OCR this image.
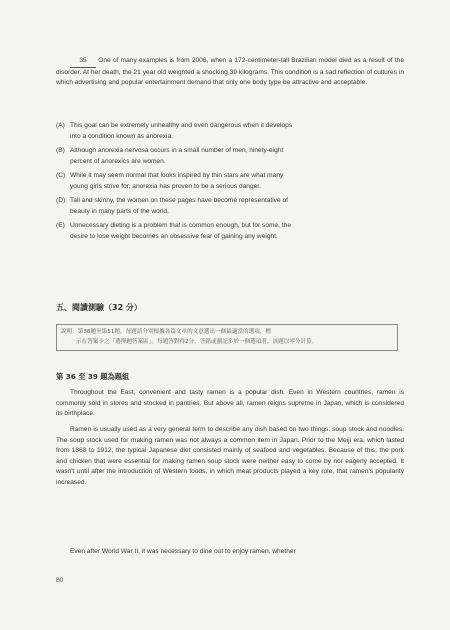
35 One of many examples is from 2006, when a 172-centimeter-tall Brazilian model died as a result of the disorder. At her death, the 21 year old weighted a shocking 39 kilograms. This condition is a sad reflection of cultures in which advertising and popular entertainment demand that only one body type be attractive and acceptable.

(A) This goal can be extremely unhealthy and even dangerous when it develops
into a condition known as anorexia.
(B) Although anorexia nervosa occurs in a small number of men, ninety-eight
percent of anorexics are women.
(C) While it may seem normal that looks inspired by thin stars are what many
young girls strive for, anorexia has proven to be a serious danger.
(D) Tall and skinny, the women on these pages have become representative of
beauty in many parts of the world.
(E) Unnecessary dieting is a problem that is common enough, but for some, the
desire to lose weight becomes an obsessive fear of gaining any weight.
五、閱讀測驗（32 分）
說明：第36題至第51題，每題請分別根據各篇文章的文意選出一個最適當的選項，標
示在答案卡之「選擇題答案區」。每題答對得2分，答錯或劃記多於一個選項者，該題以零分計算。
第 36 至 39 題為題組

Throughout the East, convenient and tasty ramen is a popular dish. Even in Western countries, ramen is commonly sold in stores and stocked in pantries. But above all, ramen reigns supreme in Japan, which is considered its birthplace.

Ramen is usually used as a very general term to describe any dish based on two things: soup stock and noodles. The soup stock used for making ramen was not always a common item in Japan. Prior to the Meiji era, which lasted from 1868 to 1912, the typical Japanese diet consisted mainly of seafood and vegetables. Because of this, the pork and chicken that were essential for making ramen soup stock were neither easy to come by nor eagerly accepted. It wasn't until after the introduction of Western foods, in which meat products played a key role, that ramen's popularity increased.

Even after World War II, it was necessary to dine out to enjoy ramen, whether

80
